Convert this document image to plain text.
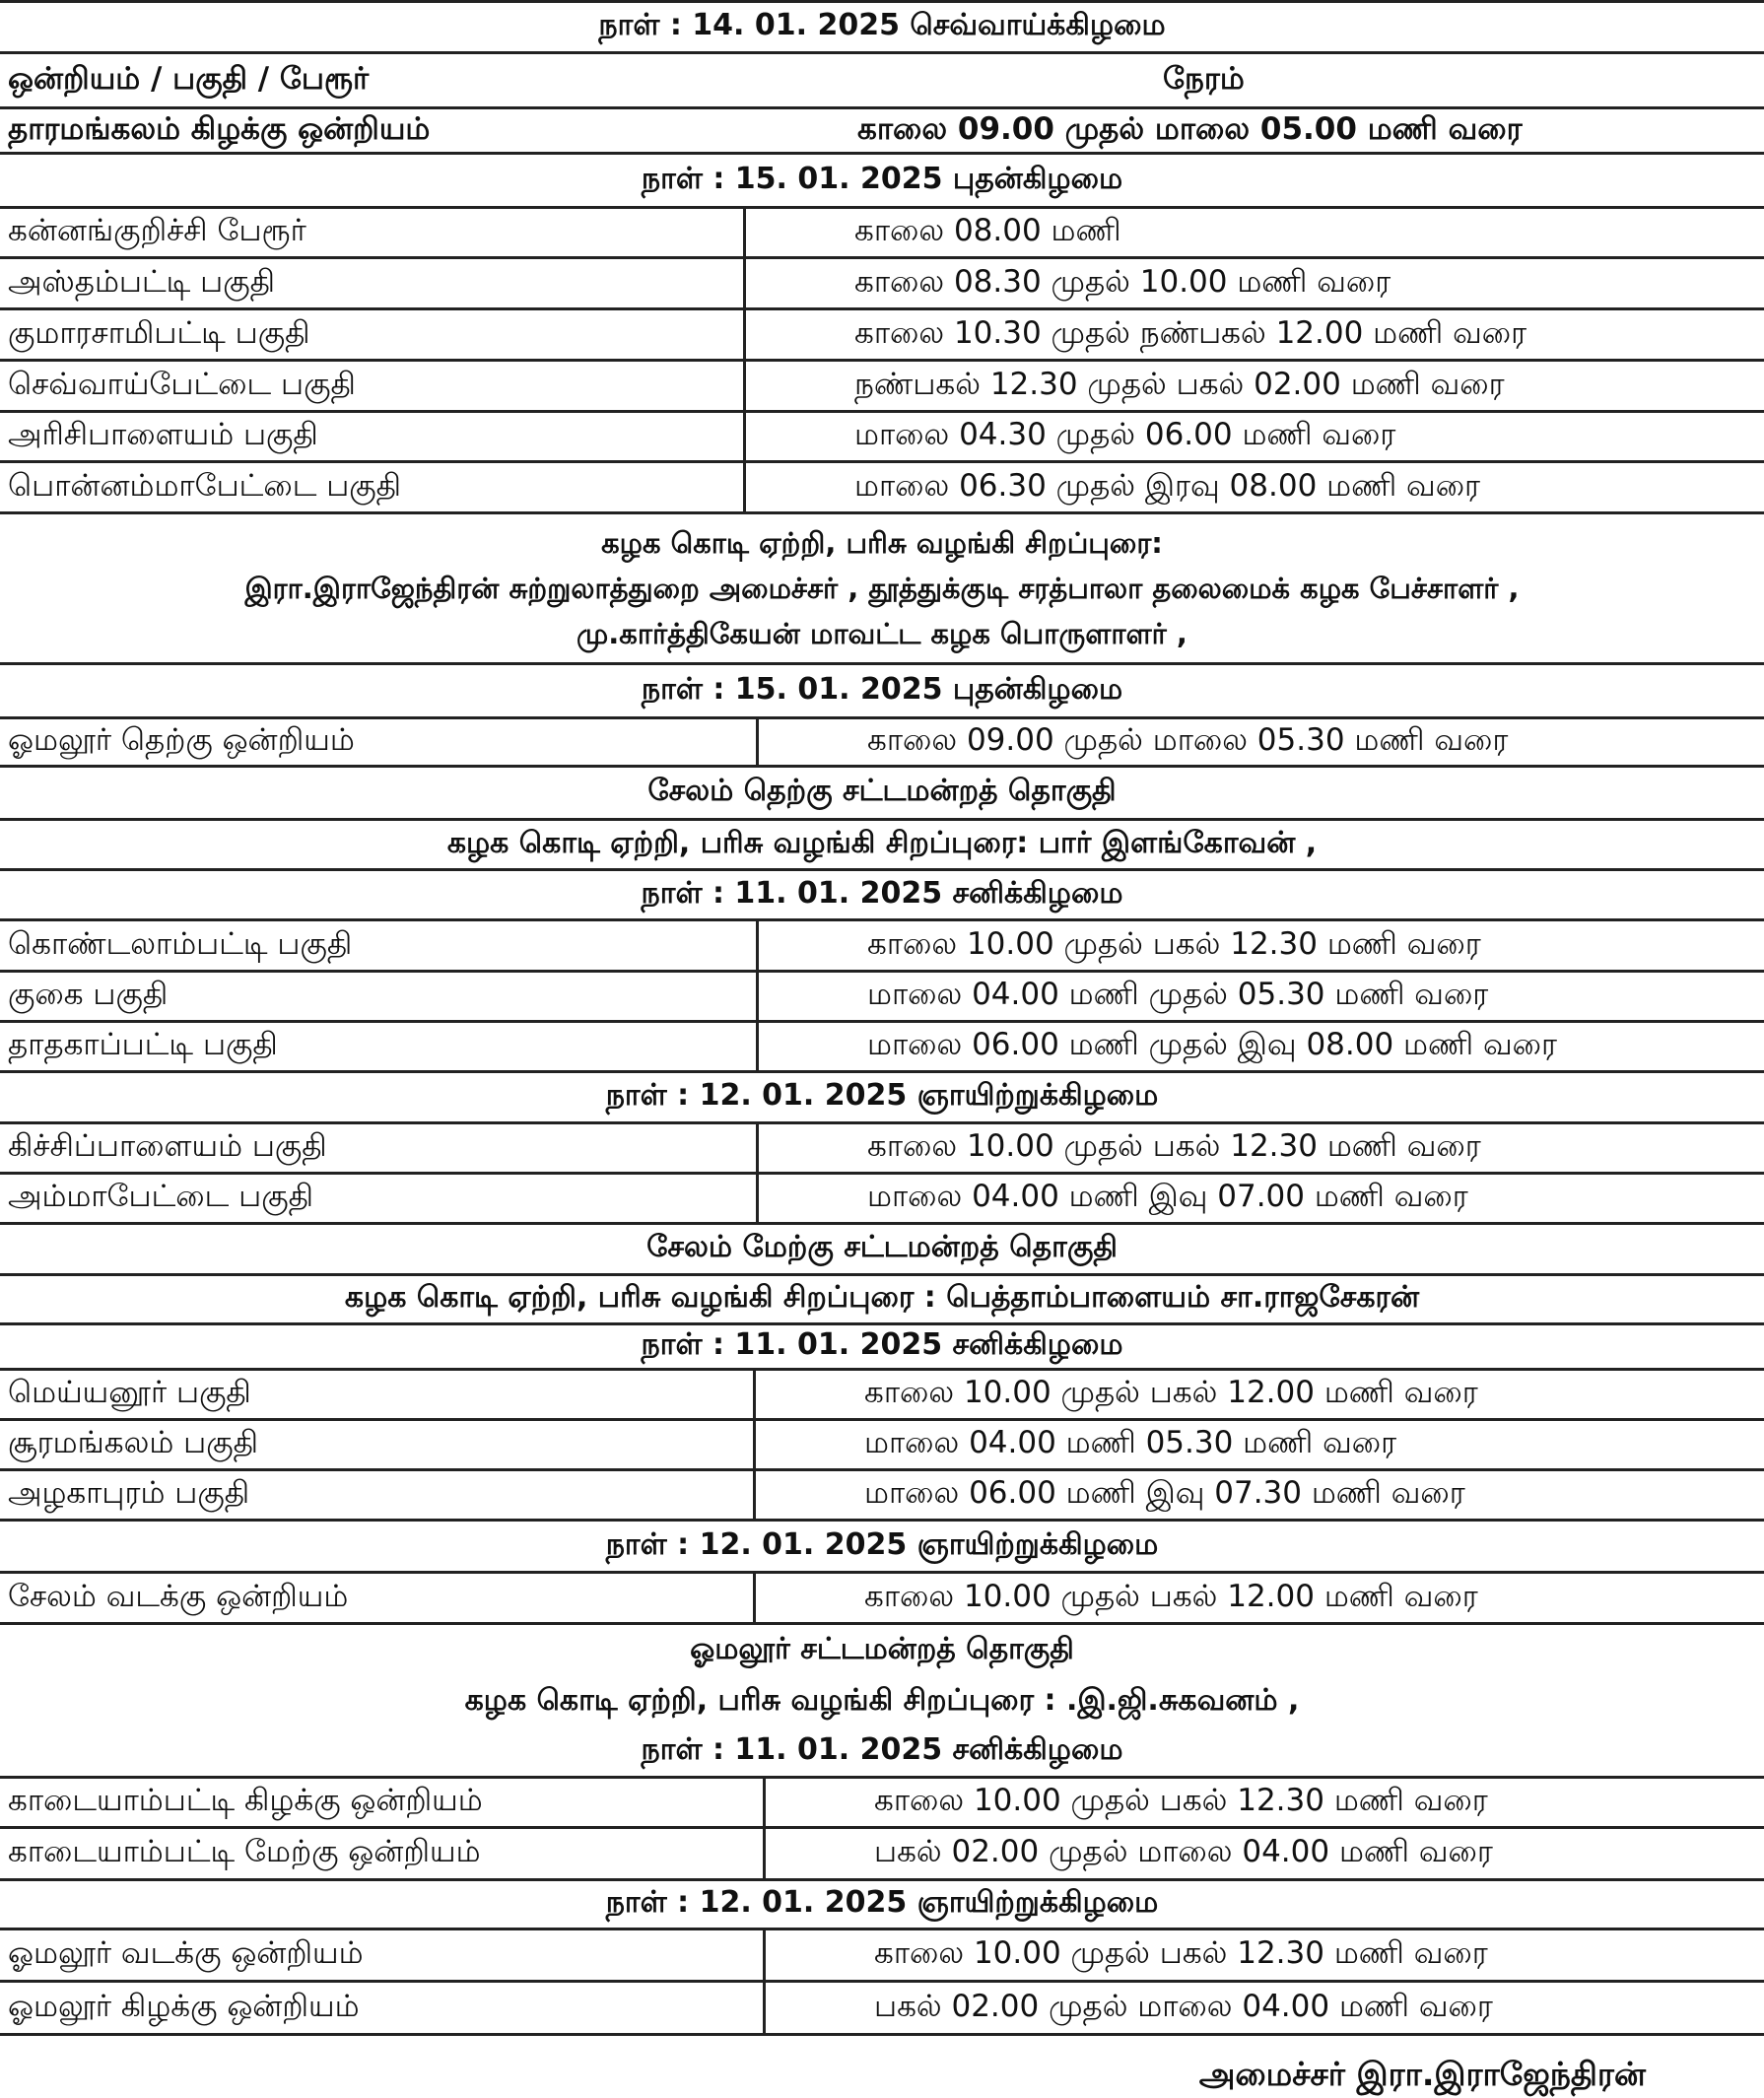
நாள் : 14. 01. 2025 செவ்வாய்க்கிழமை
ஒன்றியம் / பகுதி / பேரூர்	நேரம்
தாரமங்கலம் கிழக்கு ஒன்றியம்	காலை 09.00 முதல் மாலை 05.00 மணி வரை
நாள் : 15. 01. 2025 புதன்கிழமை
கன்னங்குறிச்சி பேரூர்	காலை 08.00 மணி
அஸ்தம்பட்டி பகுதி	காலை 08.30 முதல் 10.00 மணி வரை
குமாரசாமிபட்டி பகுதி	காலை 10.30 முதல் நண்பகல் 12.00 மணி வரை
செவ்வாய்பேட்டை பகுதி	நண்பகல் 12.30 முதல் பகல் 02.00 மணி வரை
அரிசிபாளையம் பகுதி	மாலை 04.30 முதல் 06.00 மணி வரை
பொன்னம்மாபேட்டை பகுதி	மாலை 06.30 முதல் இரவு 08.00 மணி வரை
கழக கொடி ஏற்றி, பரிசு வழங்கி சிறப்புரை:
இரா.இராஜேந்திரன் சுற்றுலாத்துறை அமைச்சர் , தூத்துக்குடி சரத்பாலா தலைமைக் கழக பேச்சாளர் ,
மு.கார்த்திகேயன் மாவட்ட கழக பொருளாளர் ,
நாள் : 15. 01. 2025 புதன்கிழமை
ஓமலூர் தெற்கு ஒன்றியம்	காலை 09.00 முதல் மாலை 05.30 மணி வரை
சேலம் தெற்கு சட்டமன்றத் தொகுதி
கழக கொடி ஏற்றி, பரிசு வழங்கி சிறப்புரை: பார் இளங்கோவன் ,
நாள் : 11. 01. 2025 சனிக்கிழமை
கொண்டலாம்பட்டி பகுதி	காலை 10.00 முதல் பகல் 12.30 மணி வரை
குகை பகுதி	மாலை 04.00 மணி முதல் 05.30 மணி வரை
தாதகாப்பட்டி பகுதி	மாலை 06.00 மணி முதல் இவு 08.00 மணி வரை
நாள் : 12. 01. 2025 ஞாயிற்றுக்கிழமை
கிச்சிப்பாளையம் பகுதி	காலை 10.00 முதல் பகல் 12.30 மணி வரை
அம்மாபேட்டை பகுதி	மாலை 04.00 மணி இவு 07.00 மணி வரை
சேலம் மேற்கு சட்டமன்றத் தொகுதி
கழக கொடி ஏற்றி, பரிசு வழங்கி சிறப்புரை : பெத்தாம்பாளையம் சா.ராஜசேகரன்
நாள் : 11. 01. 2025 சனிக்கிழமை
மெய்யனூர் பகுதி	காலை 10.00 முதல் பகல் 12.00 மணி வரை
சூரமங்கலம் பகுதி	மாலை 04.00 மணி 05.30 மணி வரை
அழகாபுரம் பகுதி	மாலை 06.00 மணி இவு 07.30 மணி வரை
நாள் : 12. 01. 2025 ஞாயிற்றுக்கிழமை
சேலம் வடக்கு ஒன்றியம்	காலை 10.00 முதல் பகல் 12.00 மணி வரை
ஓமலூர் சட்டமன்றத் தொகுதி
கழக கொடி ஏற்றி, பரிசு வழங்கி சிறப்புரை : .இ.ஜி.சுகவனம் ,
நாள் : 11. 01. 2025 சனிக்கிழமை
காடையாம்பட்டி கிழக்கு ஒன்றியம்	காலை 10.00 முதல் பகல் 12.30 மணி வரை
காடையாம்பட்டி மேற்கு ஒன்றியம்	பகல் 02.00 முதல் மாலை 04.00 மணி வரை
நாள் : 12. 01. 2025 ஞாயிற்றுக்கிழமை
ஓமலூர் வடக்கு ஒன்றியம்	காலை 10.00 முதல் பகல் 12.30 மணி வரை
ஓமலூர் கிழக்கு ஒன்றியம்	பகல் 02.00 முதல் மாலை 04.00 மணி வரை
அமைச்சர் இரா.இராஜேந்திரன்
